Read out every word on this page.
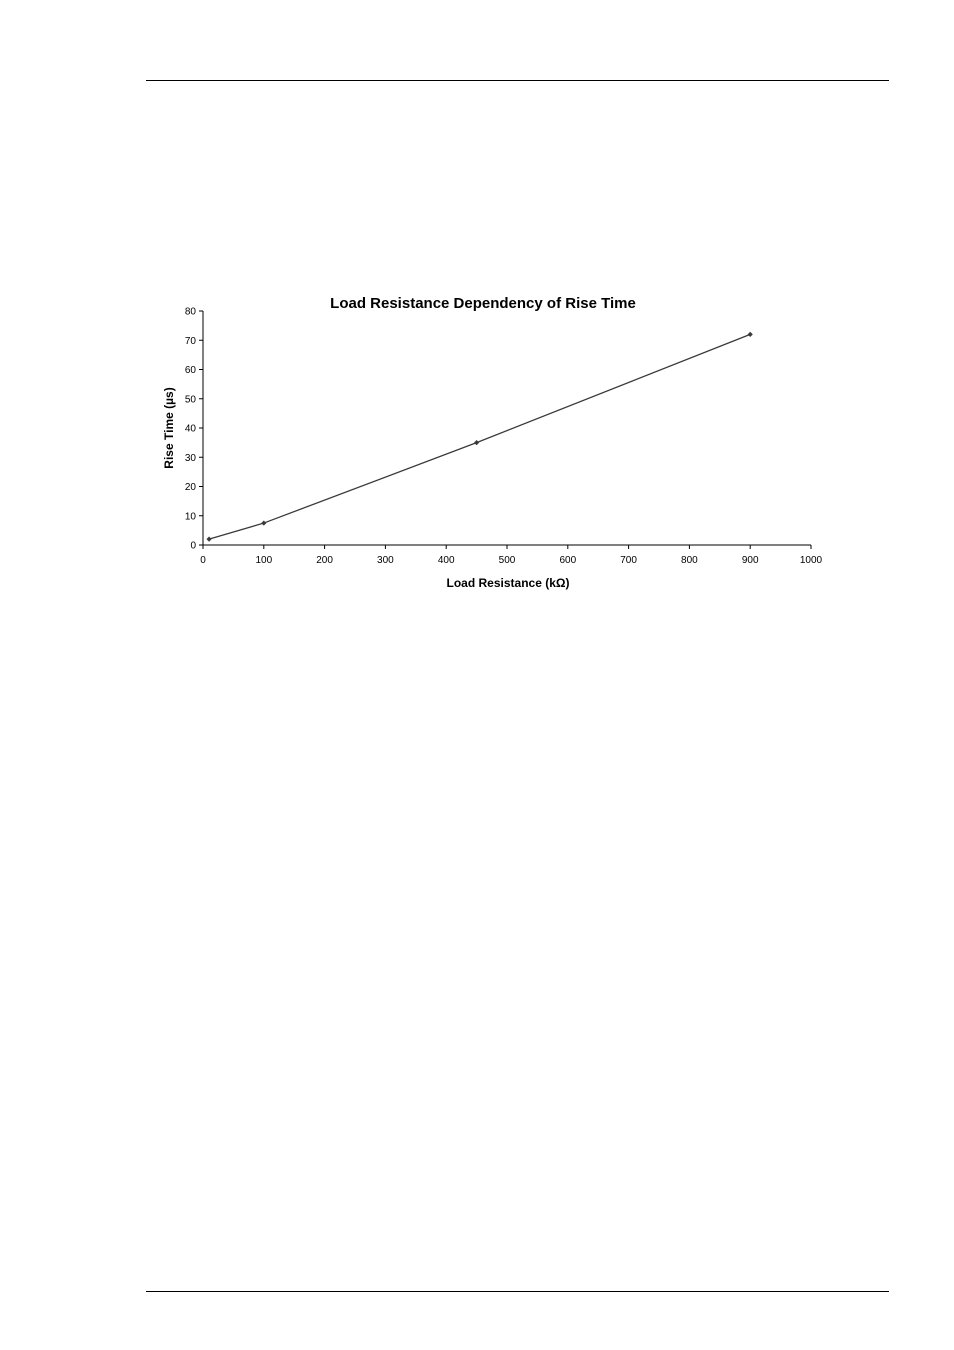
Load Resistance Dependency of Rise Time
0
10
20
30
40
50
60
70
80
0	100	200	300	400	500	600	700	800	900	1000
Load Resistance (kΩ)
Rise Time (µs)
